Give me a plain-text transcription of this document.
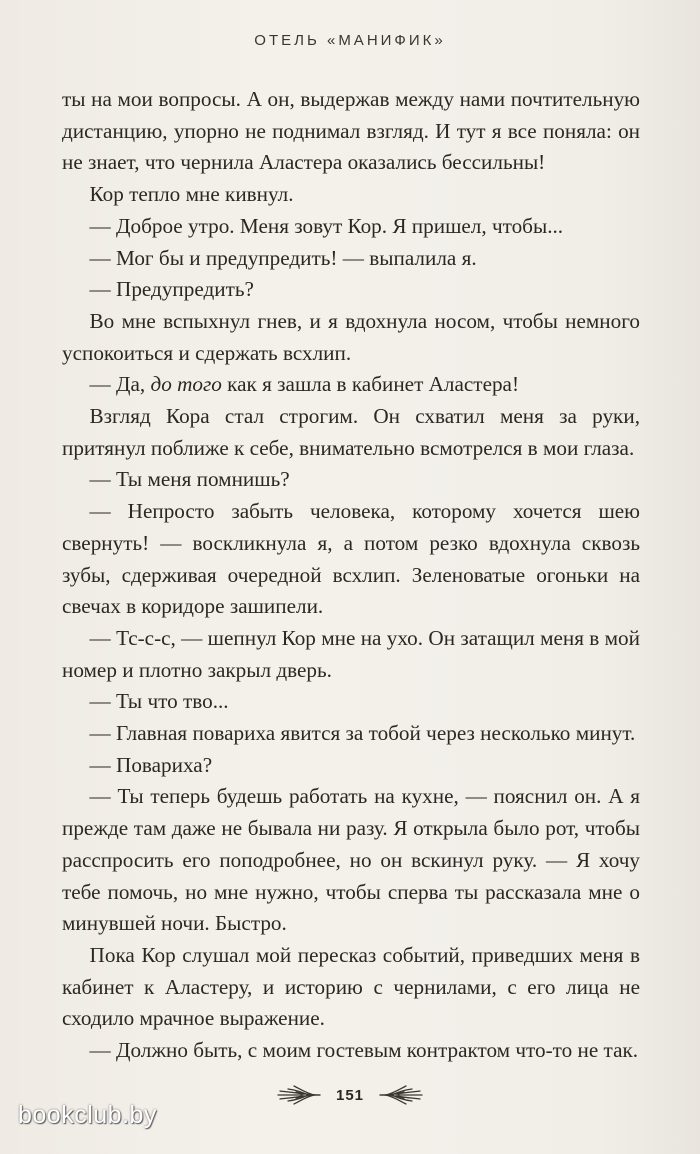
ОТЕЛЬ «МАНИФИК»

ты на мои вопросы. А он, выдержав между нами почтительную дистанцию, упорно не поднимал взгляд. И тут я все поняла: он не знает, что чернила Аластера оказались бессильны!

Кор тепло мне кивнул.

— Доброе утро. Меня зовут Кор. Я пришел, чтобы...

— Мог бы и предупредить! — выпалила я.

— Предупредить?

Во мне вспыхнул гнев, и я вдохнула носом, чтобы немного успокоиться и сдержать всхлип.

— Да, до того как я зашла в кабинет Аластера!

Взгляд Кора стал строгим. Он схватил меня за руки, притянул поближе к себе, внимательно всмотрелся в мои глаза.

— Ты меня помнишь?

— Непросто забыть человека, которому хочется шею свернуть! — воскликнула я, а потом резко вдохнула сквозь зубы, сдерживая очередной всхлип. Зеленоватые огоньки на свечах в коридоре зашипели.

— Тс-с-с, — шепнул Кор мне на ухо. Он затащил меня в мой номер и плотно закрыл дверь.

— Ты что тво...

— Главная повариха явится за тобой через несколько минут.

— Повариха?

— Ты теперь будешь работать на кухне, — пояснил он. А я прежде там даже не бывала ни разу. Я открыла было рот, чтобы расспросить его поподробнее, но он вскинул руку. — Я хочу тебе помочь, но мне нужно, чтобы сперва ты рассказала мне о минувшей ночи. Быстро.

Пока Кор слушал мой пересказ событий, приведших меня в кабинет к Аластеру, и историю с чернилами, с его лица не сходило мрачное выражение.

— Должно быть, с моим гостевым контрактом что-то не так.

151
bookclub.by
